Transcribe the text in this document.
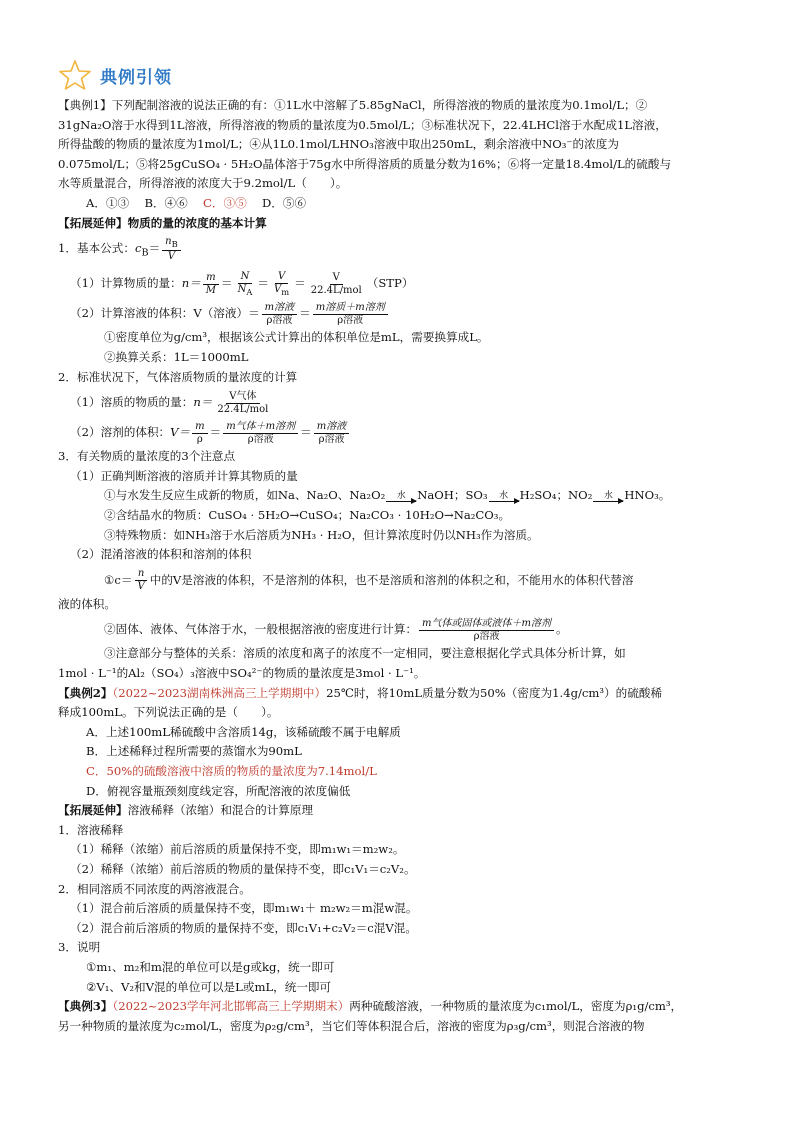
典例引领
【典例1】下列配制溶液的说法正确的有：①1L水中溶解了5.85gNaCl，所得溶液的物质的量浓度为0.1mol/L；②
31gNa₂O溶于水得到1L溶液，所得溶液的物质的量浓度为0.5mol/L；③标准状况下，22.4LHCl溶于水配成1L溶液，
所得盐酸的物质的量浓度为1mol/L；④从1L0.1mol/LHNO₃溶液中取出250mL，剩余溶液中NO₃⁻的浓度为
0.075mol/L；⑤将25gCuSO₄ · 5H₂O晶体溶于75g水中所得溶质的质量分数为16%；⑥将一定量18.4mol/L的硫酸与
水等质量混合，所得溶液的浓度大于9.2mol/L（　　）。
A．①③  B．④⑥  C．③⑤  D．⑤⑥
【拓展延伸】物质的量的浓度的基本计算
1．基本公式：$c_B= \frac{n_B}{V}$
（1）计算物质的量：$n= \frac{m}{M} = \frac{N}{N_A} = \frac{V}{V_m} = \frac{V}{\text{22.4L/mol}} (STP)$
（2）计算溶液的体积：V（溶液）＝ $\frac{\text{m溶液}}{\text{ρ溶液}} = \frac{\text{m溶质＋m溶剂}}{\text{ρ溶液}}$
①密度单位为g/cm³，根据该公式计算出的体积单位是mL，需要换算成L。
②换算关系：1L＝1000mL
2．标准状况下，气体溶质物质的量浓度的计算
（1）溶质的物质的量：$n= \frac{\text{V气体}}{\text{22.4L/mol}}$
（2）溶剂的体积：$V= \frac{m}{\rho} = \frac{\text{m气体＋m溶剂}}{\text{ρ溶液}} = \frac{\text{m溶液}}{\text{ρ溶液}}$
3．有关物质的量浓度的3个注意点
（1）正确判断溶液的溶质并计算其物质的量
①与水发生反应生成新的物质，如Na、Na₂O、Na₂O₂ 水 NaOH；SO₃ 水 H₂SO₄；NO₂ 水 HNO₃。
②含结晶水的物质：CuSO₄ · 5H₂O→CuSO₄；Na₂CO₃ · 10H₂O→Na₂CO₃。
③特殊物质：如NH₃溶于水后溶质为NH₃ · H₂O，但计算浓度时仍以NH₃作为溶质。
（2）混淆溶液的体积和溶剂的体积
①c＝ $\frac{n}{V}$ 中的V是溶液的体积，不是溶剂的体积，也不是溶质和溶剂的体积之和，不能用水的体积代替溶
液的体积。
②固体、液体、气体溶于水，一般根据溶液的密度进行计算： $\frac{\text{m气体或固体或液体＋m溶剂}}{\text{ρ溶液}}$ 。
③注意部分与整体的关系：溶质的浓度和离子的浓度不一定相同，要注意根据化学式具体分析计算，如
1mol · L⁻¹的Al₂（SO₄）₃溶液中SO₄²⁻的物质的量浓度是3mol · L⁻¹。
【典例2】（2022~2023湖南株洲高三上学期期中）25℃时，将10mL质量分数为50%（密度为1.4g/cm³）的硫酸稀
释成100mL。下列说法正确的是（　　）。
A．上述100mL稀硫酸中含溶质14g，该稀硫酸不属于电解质
B．上述稀释过程所需要的蒸馏水为90mL
C．50%的硫酸溶液中溶质的物质的量浓度为7.14mol/L
D．俯视容量瓶颈刻度线定容，所配溶液的浓度偏低
【拓展延伸】溶液稀释（浓缩）和混合的计算原理
1．溶液稀释
（1）稀释（浓缩）前后溶质的质量保持不变，即m₁w₁＝m₂w₂。
（2）稀释（浓缩）前后溶质的物质的量保持不变，即c₁V₁＝c₂V₂。
2．相同溶质不同浓度的两溶液混合。
（1）混合前后溶质的质量保持不变，即m₁w₁＋ m₂w₂＝m混w混。
（2）混合前后溶质的物质的量保持不变，即c₁V₁+c₂V₂＝c混V混。
3．说明
①m₁、m₂和m混的单位可以是g或kg，统一即可
②V₁、V₂和V混的单位可以是L或mL，统一即可
【典例3】（2022~2023学年河北邯郸高三上学期期末）两种硫酸溶液，一种物质的量浓度为c₁mol/L，密度为ρ₁g/cm³，
另一种物质的量浓度为c₂mol/L，密度为ρ₂g/cm³，当它们等体积混合后，溶液的密度为ρ₃g/cm³，则混合溶液的物
